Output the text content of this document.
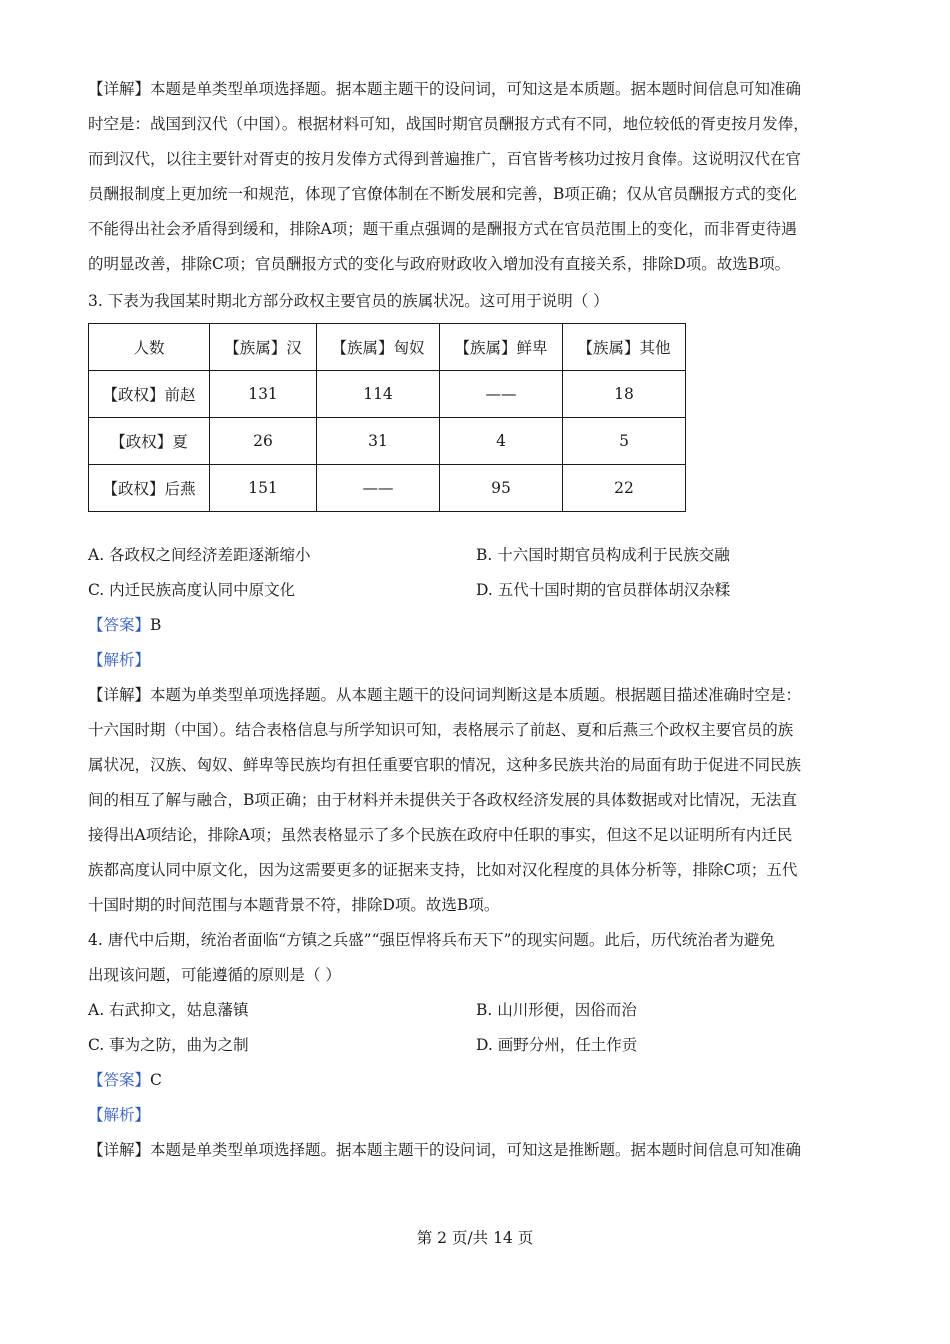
【详解】本题是单类型单项选择题。据本题主题干的设问词，可知这是本质题。据本题时间信息可知准确
时空是：战国到汉代（中国）。根据材料可知，战国时期官员酬报方式有不同，地位较低的胥吏按月发俸，
而到汉代，以往主要针对胥吏的按月发俸方式得到普遍推广，百官皆考核功过按月食俸。这说明汉代在官
员酬报制度上更加统一和规范，体现了官僚体制在不断发展和完善，B项正确；仅从官员酬报方式的变化
不能得出社会矛盾得到缓和，排除A项；题干重点强调的是酬报方式在官员范围上的变化，而非胥吏待遇
的明显改善，排除C项；官员酬报方式的变化与政府财政收入增加没有直接关系，排除D项。故选B项。
3. 下表为我国某时期北方部分政权主要官员的族属状况。这可用于说明（ ）
人数	【族属】汉	【族属】匈奴	【族属】鲜卑	【族属】其他
【政权】前赵	131	114	——	18
【政权】夏	26	31	4	5
【政权】后燕	151	——	95	22
A. 各政权之间经济差距逐渐缩小	B. 十六国时期官员构成利于民族交融
C. 内迁民族高度认同中原文化	D. 五代十国时期的官员群体胡汉杂糅
【答案】B
【解析】
【详解】本题为单类型单项选择题。从本题主题干的设问词判断这是本质题。根据题目描述准确时空是：
十六国时期（中国）。结合表格信息与所学知识可知，表格展示了前赵、夏和后燕三个政权主要官员的族
属状况，汉族、匈奴、鲜卑等民族均有担任重要官职的情况，这种多民族共治的局面有助于促进不同民族
间的相互了解与融合，B项正确；由于材料并未提供关于各政权经济发展的具体数据或对比情况，无法直
接得出A项结论，排除A项；虽然表格显示了多个民族在政府中任职的事实，但这不足以证明所有内迁民
族都高度认同中原文化，因为这需要更多的证据来支持，比如对汉化程度的具体分析等，排除C项；五代
十国时期的时间范围与本题背景不符，排除D项。故选B项。
4. 唐代中后期，统治者面临“方镇之兵盛”“强臣悍将兵布天下”的现实问题。此后，历代统治者为避免
出现该问题，可能遵循的原则是（ ）
A. 右武抑文，姑息藩镇	B. 山川形便，因俗而治
C. 事为之防，曲为之制	D. 画野分州，任土作贡
【答案】C
【解析】
【详解】本题是单类型单项选择题。据本题主题干的设问词，可知这是推断题。据本题时间信息可知准确
第 2 页/共 14 页
